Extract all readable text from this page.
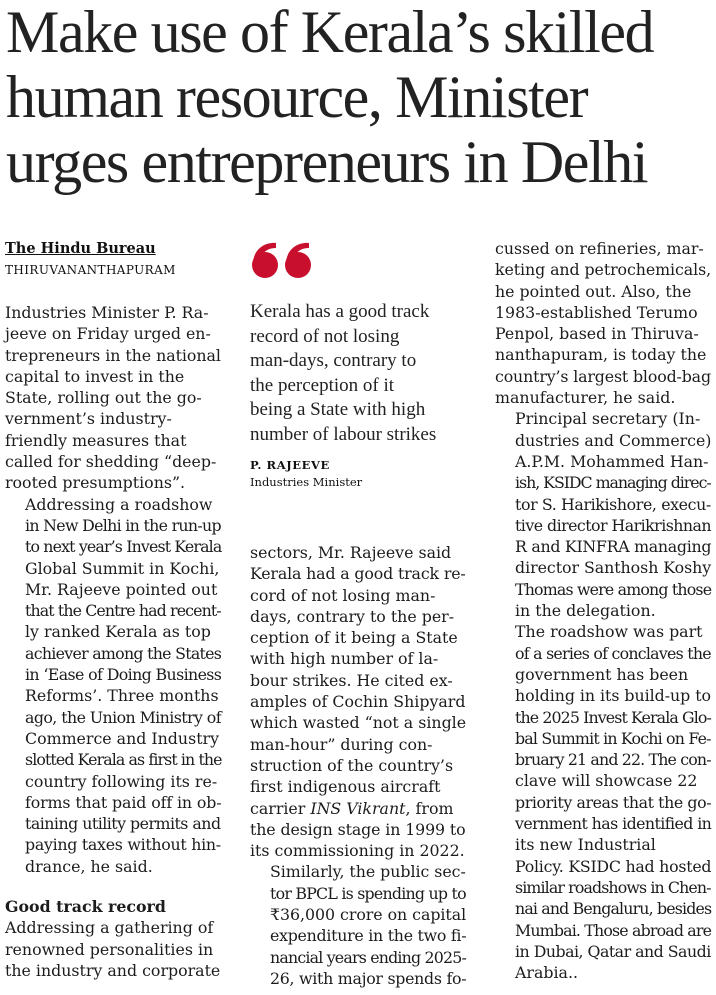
Make use of Kerala’s skilled
human resource, Minister
urges entrepreneurs in Delhi
The Hindu Bureau
THIRUVANANTHAPURAM

Industries Minister P. Ra-
jeeve on Friday urged en-
trepreneurs in the national
capital to invest in the
State, rolling out the go-
vernment’s industry-
friendly measures that
called for shedding “deep-
rooted presumptions”.

Addressing a roadshow
in New Delhi in the run-up
to next year’s Invest Kerala
Global Summit in Kochi,
Mr. Rajeeve pointed out
that the Centre had recent-
ly ranked Kerala as top
achiever among the States
in ‘Ease of Doing Business
Reforms’. Three months
ago, the Union Ministry of
Commerce and Industry
slotted Kerala as first in the
country following its re-
forms that paid off in ob-
taining utility permits and
paying taxes without hin-
drance, he said.

Good track record

Addressing a gathering of
renowned personalities in
the industry and corporate

Kerala has a good track
record of not losing
man-days, contrary to
the perception of it
being a State with high
number of labour strikes
P. RAJEEVE
Industries Minister

sectors, Mr. Rajeeve said
Kerala had a good track re-
cord of not losing man-
days, contrary to the per-
ception of it being a State
with high number of la-
bour strikes. He cited ex-
amples of Cochin Shipyard
which wasted “not a single
man-hour” during con-
struction of the country’s
first indigenous aircraft
carrier INS Vikrant, from
the design stage in 1999 to
its commissioning in 2022.

Similarly, the public sec-
tor BPCL is spending up to
₹36,000 crore on capital
expenditure in the two fi-
nancial years ending 2025-
26, with major spends fo-

cussed on refineries, mar-
keting and petrochemicals,
he pointed out. Also, the
1983-established Terumo
Penpol, based in Thiruva-
nanthapuram, is today the
country’s largest blood-bag
manufacturer, he said.

Principal secretary (In-
dustries and Commerce)
A.P.M. Mohammed Han-
ish, KSIDC managing direc-
tor S. Harikishore, execu-
tive director Harikrishnan
R and KINFRA managing
director Santhosh Koshy
Thomas were among those
in the delegation.

The roadshow was part
of a series of conclaves the
government has been
holding in its build-up to
the 2025 Invest Kerala Glo-
bal Summit in Kochi on Fe-
bruary 21 and 22. The con-
clave will showcase 22
priority areas that the go-
vernment has identified in
its new Industrial
Policy. KSIDC had hosted
similar roadshows in Chen-
nai and Bengaluru, besides
Mumbai. Those abroad are
in Dubai, Qatar and Saudi
Arabia..
